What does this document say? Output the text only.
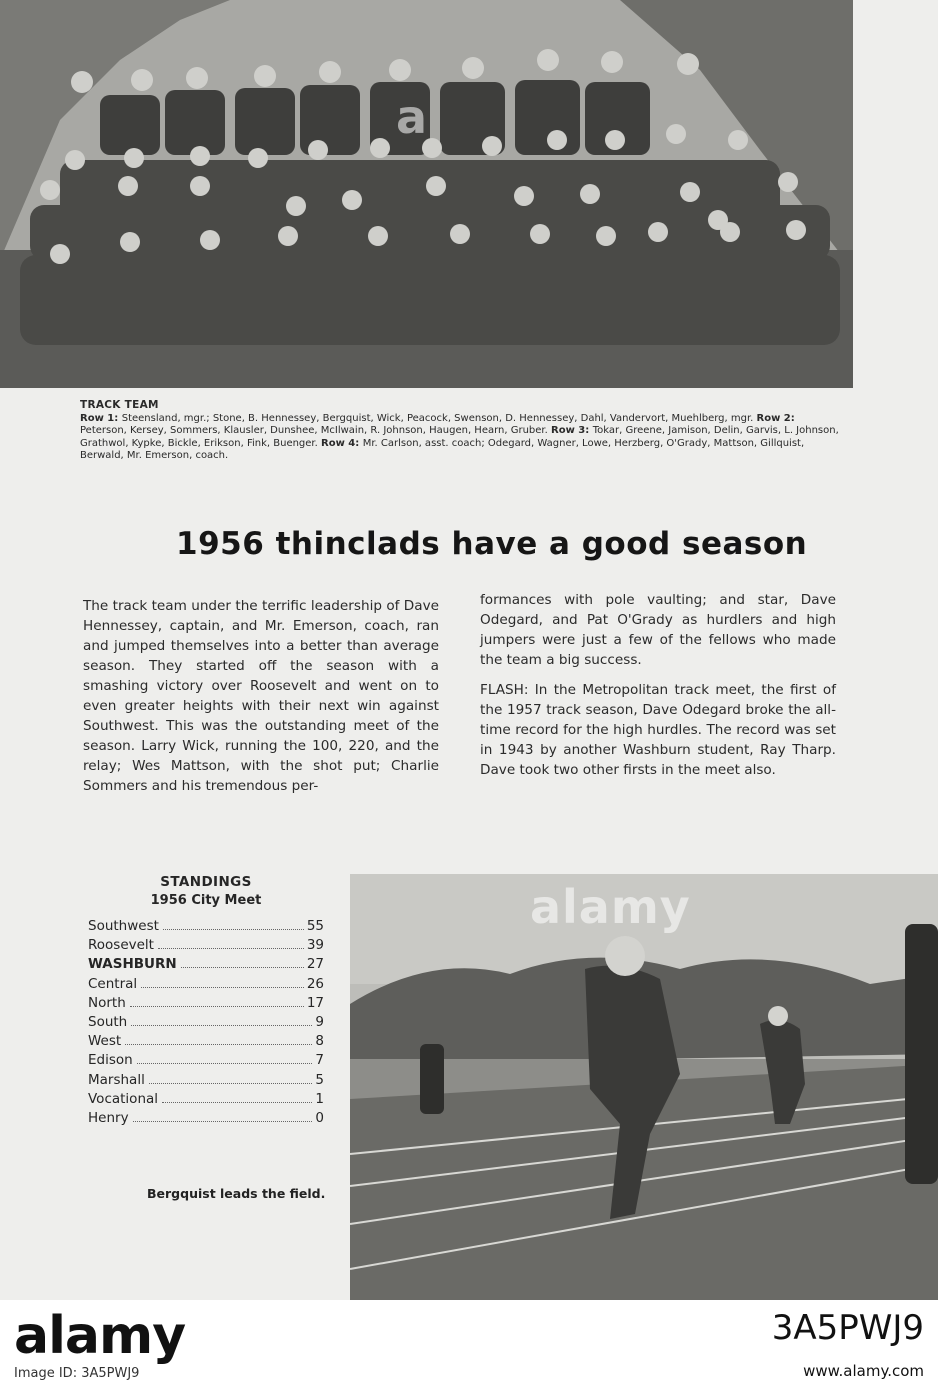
a
TRACK TEAM
Row 1: Steensland, mgr.; Stone, B. Hennessey, Bergquist, Wick, Peacock, Swenson, D. Hennessey, Dahl, Vandervort, Muehlberg, mgr. Row 2: Peterson, Kersey, Sommers, Klausler, Dunshee, McIlwain, R. Johnson, Haugen, Hearn, Gruber. Row 3: Tokar, Greene, Jamison, Delin, Garvis, L. Johnson, Grathwol, Kypke, Bickle, Erikson, Fink, Buenger. Row 4: Mr. Carlson, asst. coach; Odegard, Wagner, Lowe, Herzberg, O'Grady, Mattson, Gillquist, Berwald, Mr. Emerson, coach.
1956 thinclads have a good season

The track team under the terrific leadership of Dave Hennessey, captain, and Mr. Emerson, coach, ran and jumped themselves into a better than average season. They started off the season with a smashing victory over Roosevelt and went on to even greater heights with their next win against Southwest. This was the outstanding meet of the season. Larry Wick, running the 100, 220, and the relay; Wes Mattson, with the shot put; Charlie Sommers and his tremendous per-

formances with pole vaulting; and star, Dave Odegard, and Pat O'Grady as hurdlers and high jumpers were just a few of the fellows who made the team a big success.

FLASH: In the Metropolitan track meet, the first of the 1957 track season, Dave Odegard broke the all-time record for the high hurdles. The record was set in 1943 by another Washburn student, Ray Tharp. Dave took two other firsts in the meet also.

STANDINGS
1956 City Meet
Southwest	55
Roosevelt	39
WASHBURN	27
Central	26
North	17
South	9
West	8
Edison	7
Marshall	5
Vocational	1
Henry	0
Bergquist leads the field.
alamy
alamy	3A5PWJ9
Image ID: 3A5PWJ9	www.alamy.com
